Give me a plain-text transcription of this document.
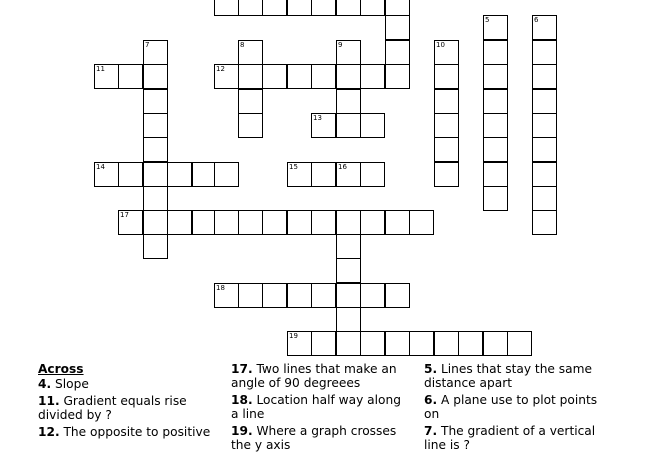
5	6
7	8	9	10
11	12
13
14	15	16
17
18
19
Across
4. Slope
11. Gradient equals rise divided by ?
12. The opposite to positive
17. Two lines that make an angle of 90 degreees
18. Location half way along a line
19. Where a graph crosses the y axis
5. Lines that stay the same distance apart
6. A plane use to plot points on
7. The gradient of a vertical line is ?
